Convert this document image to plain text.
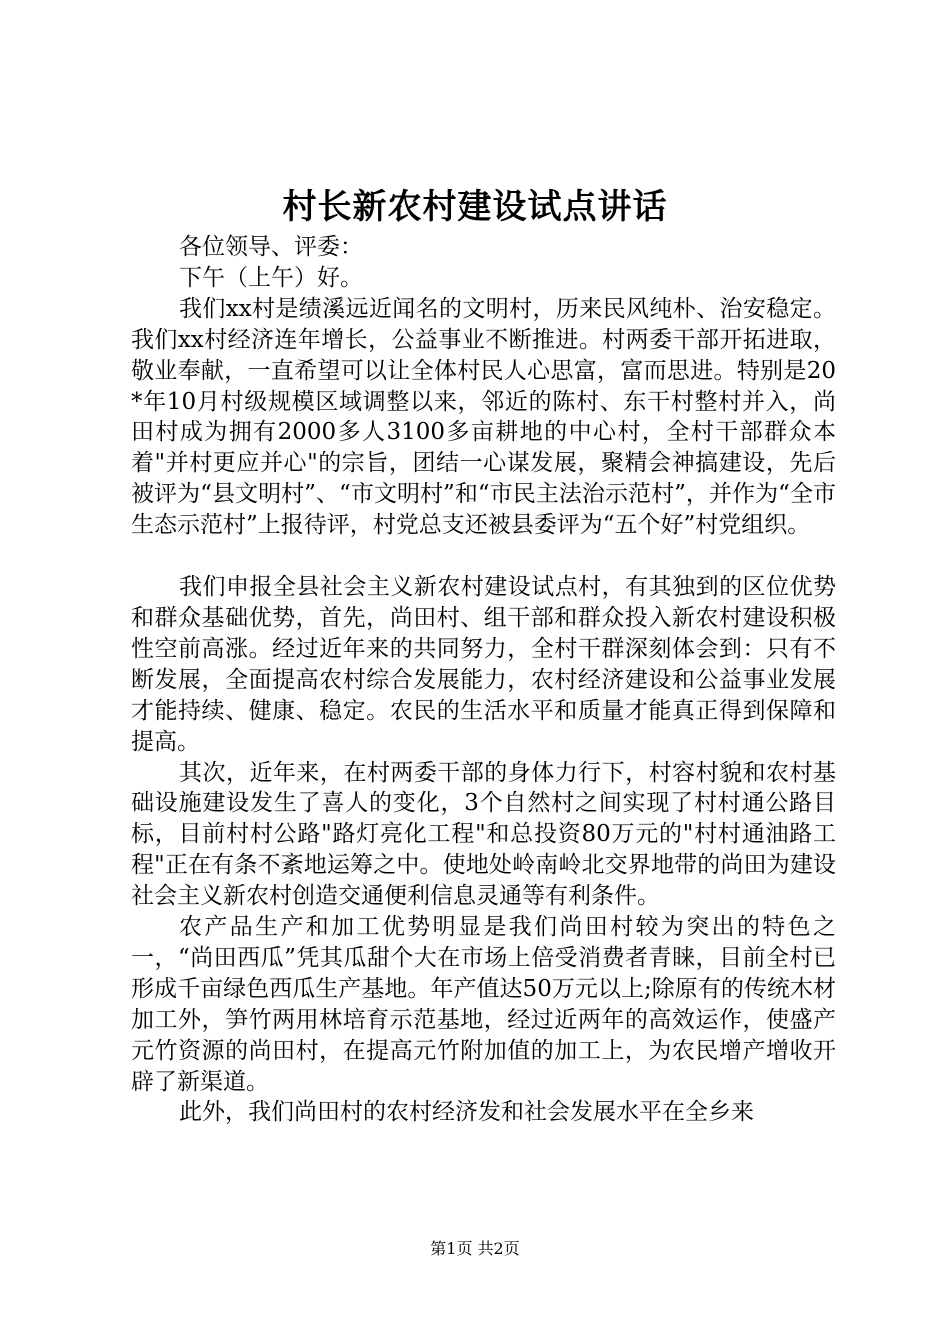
村长新农村建设试点讲话

各位领导、评委：

下午（上午）好。

我们xx村是绩溪远近闻名的文明村，历来民风纯朴、治安稳定。我们xx村经济连年增长，公益事业不断推进。村两委干部开拓进取，敬业奉献，一直希望可以让全体村民人心思富，富而思进。特别是20*年10月村级规模区域调整以来，邻近的陈村、东干村整村并入，尚田村成为拥有2000多人3100多亩耕地的中心村，全村干部群众本着"并村更应并心"的宗旨，团结一心谋发展，聚精会神搞建设，先后被评为“县文明村”、“市文明村”和“市民主法治示范村”，并作为“全市生态示范村”上报待评，村党总支还被县委评为“五个好”村党组织。

我们申报全县社会主义新农村建设试点村，有其独到的区位优势和群众基础优势，首先，尚田村、组干部和群众投入新农村建设积极性空前高涨。经过近年来的共同努力，全村干群深刻体会到：只有不断发展，全面提高农村综合发展能力，农村经济建设和公益事业发展才能持续、健康、稳定。农民的生活水平和质量才能真正得到保障和提高。

其次，近年来，在村两委干部的身体力行下，村容村貌和农村基础设施建设发生了喜人的变化，3个自然村之间实现了村村通公路目标，目前村村公路"路灯亮化工程"和总投资80万元的"村村通油路工程"正在有条不紊地运筹之中。使地处岭南岭北交界地带的尚田为建设社会主义新农村创造交通便利信息灵通等有利条件。

农产品生产和加工优势明显是我们尚田村较为突出的特色之一，“尚田西瓜”凭其瓜甜个大在市场上倍受消费者青睐，目前全村已形成千亩绿色西瓜生产基地。年产值达50万元以上;除原有的传统木材加工外，笋竹两用林培育示范基地，经过近两年的高效运作，使盛产元竹资源的尚田村，在提高元竹附加值的加工上，为农民增产增收开辟了新渠道。

此外，我们尚田村的农村经济发和社会发展水平在全乡来

第1页 共2页
